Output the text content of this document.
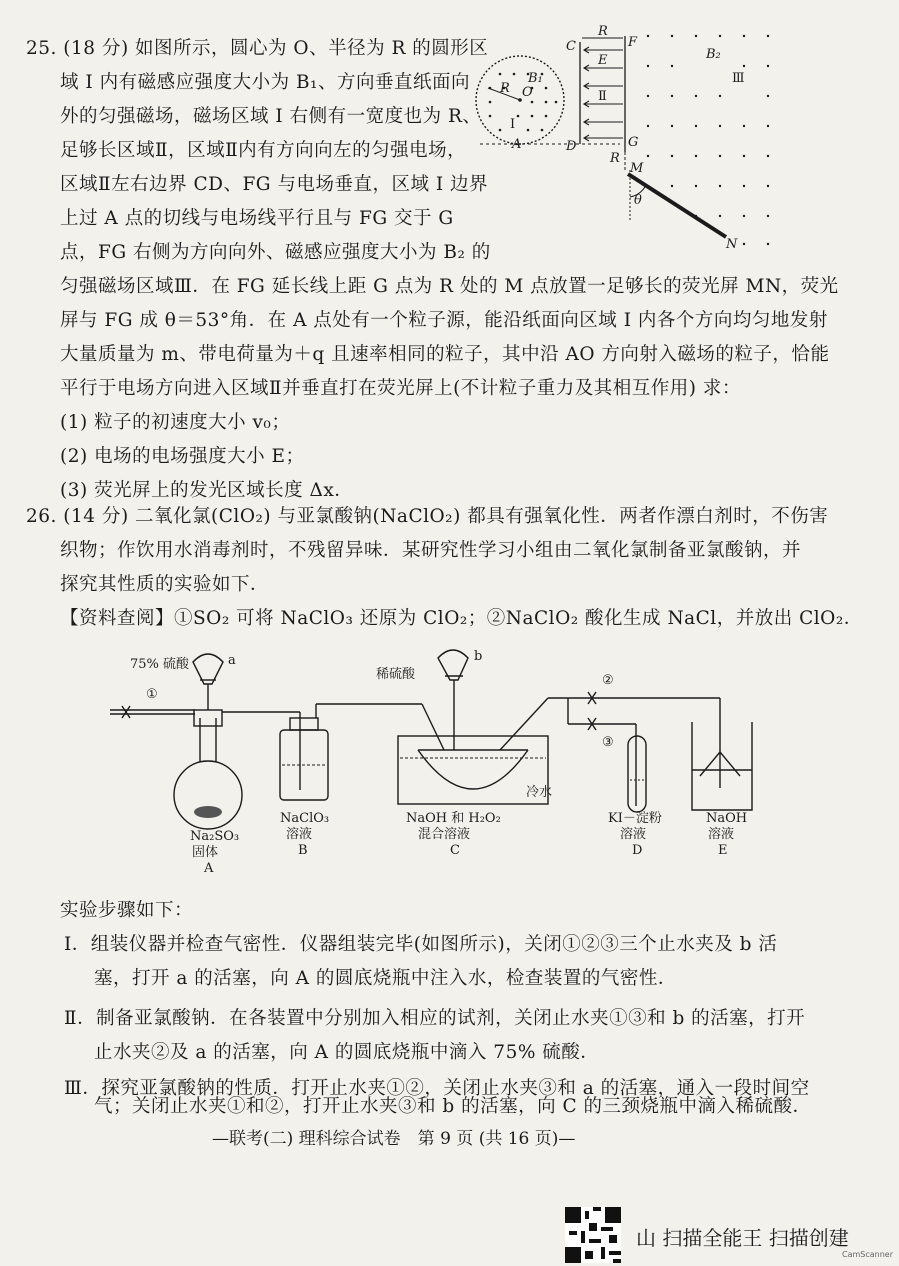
25. (18 分) 如图所示，圆心为 O、半径为 R 的圆形区
域 I 内有磁感应强度大小为 B₁、方向垂直纸面向
外的匀强磁场，磁场区域 I 右侧有一宽度也为 R、
足够长区域Ⅱ，区域Ⅱ内有方向向左的匀强电场，
区域Ⅱ左右边界 CD、FG 与电场垂直，区域 I 边界
上过 A 点的切线与电场线平行且与 FG 交于 G
点，FG 右侧为方向向外、磁感应强度大小为 B₂ 的
匀强磁场区域Ⅲ．在 FG 延长线上距 G 点为 R 处的 M 点放置一足够长的荧光屏 MN，荧光
屏与 FG 成 θ＝53°角．在 A 点处有一个粒子源，能沿纸面向区域 I 内各个方向均匀地发射
大量质量为 m、带电荷量为＋q 且速率相同的粒子，其中沿 AO 方向射入磁场的粒子，恰能
平行于电场方向进入区域Ⅱ并垂直打在荧光屏上(不计粒子重力及其相互作用) 求：
(1) 粒子的初速度大小 v₀；
(2) 电场的电场强度大小 E；
(3) 荧光屏上的发光区域长度 Δx．
B₁
R O
Ⅰ
A
C	F
D	G
R
E
Ⅱ
R
M
θ
N
B₂
Ⅲ
26. (14 分) 二氧化氯(ClO₂) 与亚氯酸钠(NaClO₂) 都具有强氧化性．两者作漂白剂时，不伤害
织物；作饮用水消毒剂时，不残留异味．某研究性学习小组由二氧化氯制备亚氯酸钠，并
探究其性质的实验如下．
【资料查阅】①SO₂ 可将 NaClO₃ 还原为 ClO₂；②NaClO₂ 酸化生成 NaCl，并放出 ClO₂．
75% 硫酸	a
①
稀硫酸
b
②
③
冷水
Na₂SO₃
固体
A
NaClO₃
溶液
B
NaOH 和 H₂O₂
混合溶液
C
KI－淀粉
溶液
D
NaOH
溶液
E
实验步骤如下：
Ⅰ．组装仪器并检查气密性．仪器组装完毕(如图所示)，关闭①②③三个止水夹及 b 活
塞，打开 a 的活塞，向 A 的圆底烧瓶中注入水，检查装置的气密性．
Ⅱ．制备亚氯酸钠．在各装置中分别加入相应的试剂，关闭止水夹①③和 b 的活塞，打开
止水夹②及 a 的活塞，向 A 的圆底烧瓶中滴入 75% 硫酸．
Ⅲ．探究亚氯酸钠的性质．打开止水夹①②，关闭止水夹③和 a 的活塞，通入一段时间空
气；关闭止水夹①和②，打开止水夹③和 b 的活塞，向 C 的三颈烧瓶中滴入稀硫酸．
—联考(二) 理科综合试卷　第 9 页 (共 16 页)—
山 扫描全能王 扫描创建
CamScanner
